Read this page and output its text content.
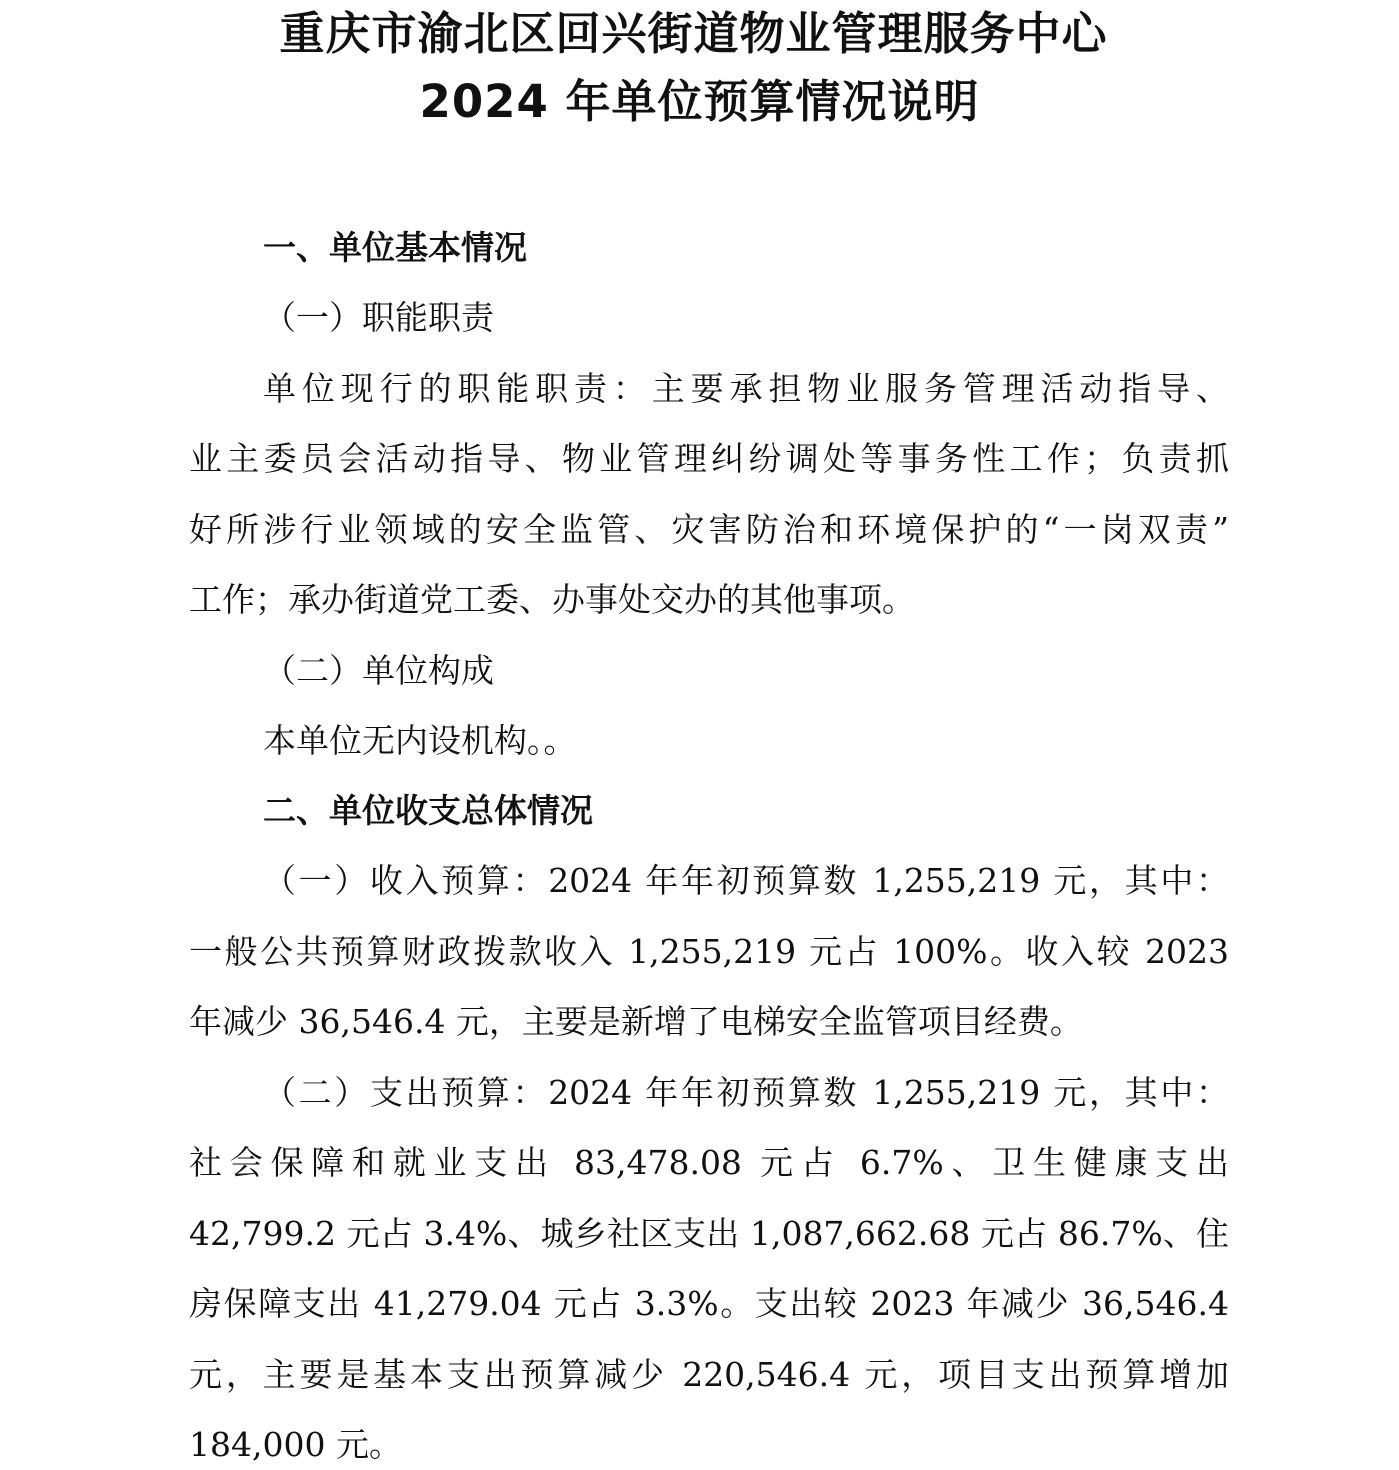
重庆市渝北区回兴街道物业管理服务中心
2024 年单位预算情况说明
一、单位基本情况
（一）职能职责
单位现行的职能职责：主要承担物业服务管理活动指导、
业主委员会活动指导、物业管理纠纷调处等事务性工作；负责抓
好所涉行业领域的安全监管、灾害防治和环境保护的“一岗双责”
工作；承办街道党工委、办事处交办的其他事项。
（二）单位构成
本单位无内设机构。。
二、单位收支总体情况
（一）收入预算：2024 年年初预算数 1,255,219 元，其中：
一般公共预算财政拨款收入 1,255,219 元占 100%。收入较 2023
年减少 36,546.4 元，主要是新增了电梯安全监管项目经费。
（二）支出预算：2024 年年初预算数 1,255,219 元，其中：
社会保障和就业支出 83,478.08 元占 6.7%、卫生健康支出
42,799.2 元占 3.4%、城乡社区支出 1,087,662.68 元占 86.7%、住
房保障支出 41,279.04 元占 3.3%。支出较 2023 年减少 36,546.4
元，主要是基本支出预算减少 220,546.4 元，项目支出预算增加
184,000 元。
